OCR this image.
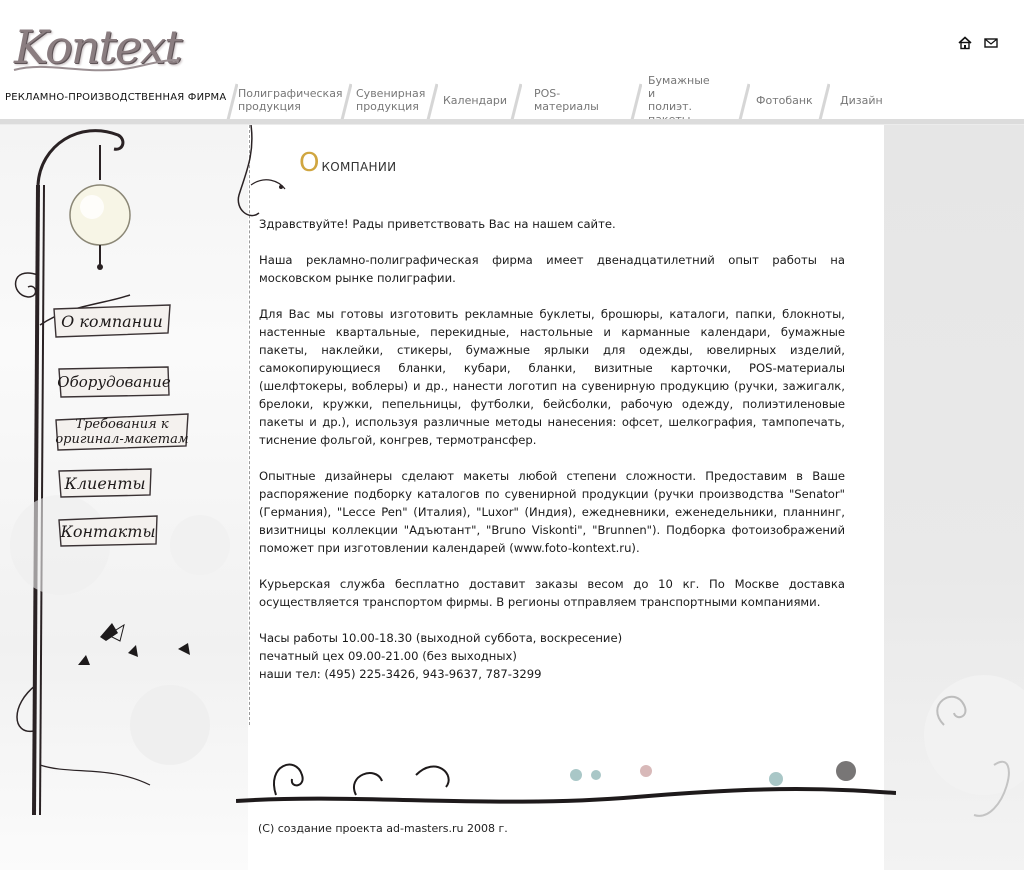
Kontext
РЕКЛАМНО-ПРОИЗВОДСТВЕННАЯ ФИРМА Полиграфическая
продукция
Сувенирная
продукция	Календари POS-материалы
Бумажные и
полиэт.	Фотобанк Дизайн
О компании
Оборудование
Требования к
оригинал-макетам
Клиенты
Контакты
О КОМПАНИИ

Здравствуйте! Рады приветствовать Вас на нашем сайте.

Наша рекламно-полиграфическая фирма имеет двенадцатилетний опыт работы на московском рынке полиграфии.

Для Вас мы готовы изготовить рекламные буклеты, брошюры, каталоги, папки, блокноты, настенные квартальные, перекидные, настольные и карманные календари, бумажные пакеты, наклейки, стикеры, бумажные ярлыки для одежды, ювелирных изделий, самокопирующиеся бланки, кубари, бланки, визитные карточки, POS-материалы (шелфтокеры, воблеры) и др., нанести логотип на сувенирную продукцию (ручки, зажигалк, брелоки, кружки, пепельницы, футболки, бейсболки, рабочую одежду, полиэтиленовые пакеты и др.), используя различные методы нанесения: офсет, шелкография, тампопечать, тиснение фольгой, конгрев, термотрансфер.

Опытные дизайнеры сделают макеты любой степени сложности. Предоставим в Ваше распоряжение подборку каталогов по сувенирной продукции (ручки производства "Senator" (Германия), "Lecce Pen" (Италия), "Luxor" (Индия), ежедневники, еженедельники, планнинг, визитницы коллекции "Адъютант", "Bruno Viskonti", "Brunnen"). Подборка фотоизображений поможет при изготовлении календарей (www.foto-kontext.ru).

Курьерская служба бесплатно доставит заказы весом до 10 кг. По Москве доставка осуществляется транспортом фирмы. В регионы отправляем транспортными компаниями.

Часы работы 10.00-18.30 (выходной суббота, воскресение)

печатный цех 09.00-21.00 (без выходных)

наши тел: (495) 225-3426, 943-9637, 787-3299

(C) создание проекта ad-masters.ru 2008 г.
